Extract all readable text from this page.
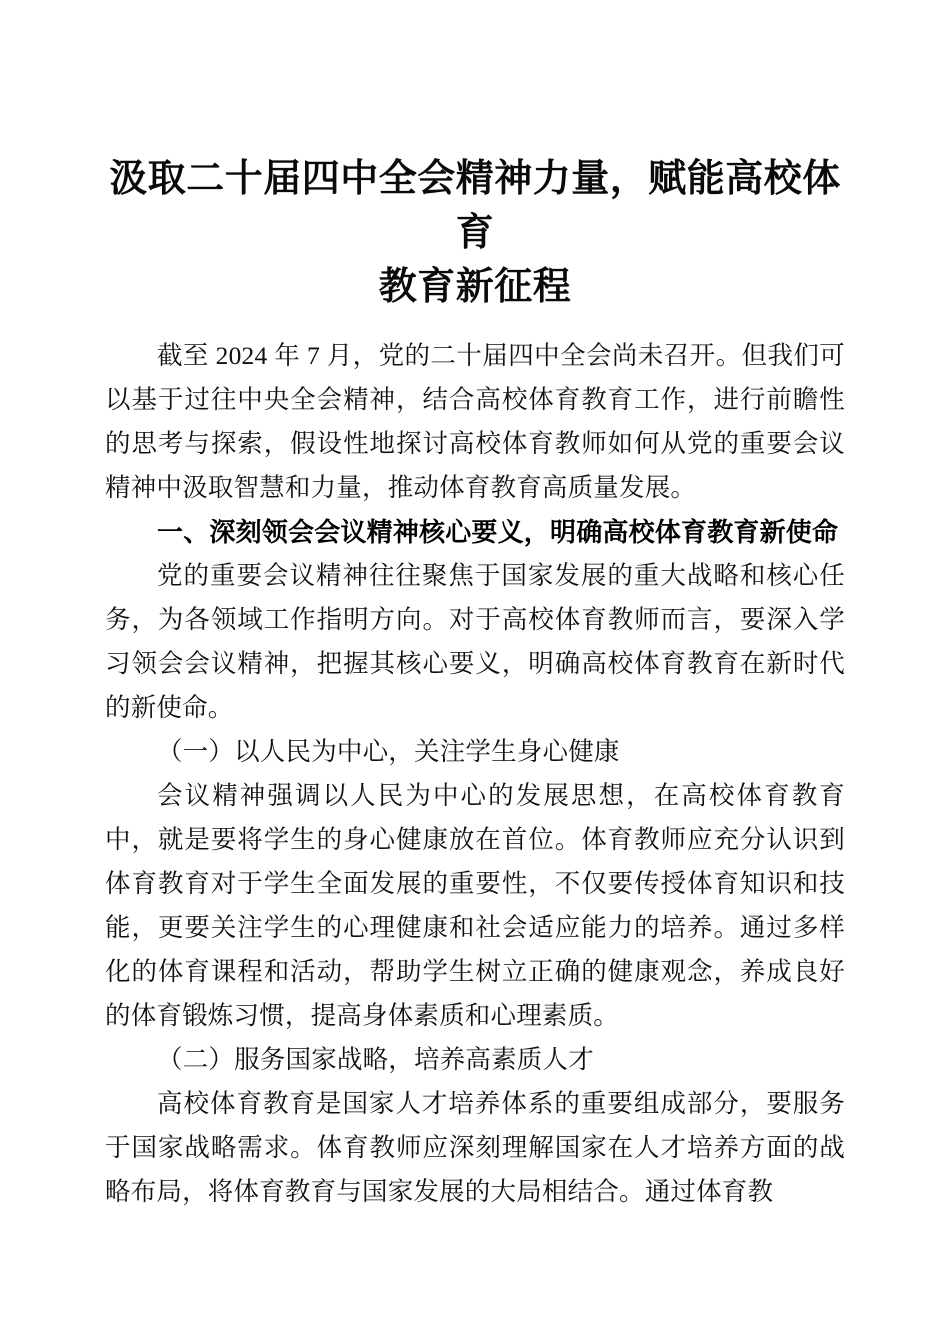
汲取二十届四中全会精神力量，赋能高校体育
教育新征程

截至 2024 年 7 月，党的二十届四中全会尚未召开。但我们可以基于过往中央全会精神，结合高校体育教育工作，进行前瞻性的思考与探索，假设性地探讨高校体育教师如何从党的重要会议精神中汲取智慧和力量，推动体育教育高质量发展。

一、深刻领会会议精神核心要义，明确高校体育教育新使命

党的重要会议精神往往聚焦于国家发展的重大战略和核心任务，为各领域工作指明方向。对于高校体育教师而言，要深入学习领会会议精神，把握其核心要义，明确高校体育教育在新时代的新使命。

（一）以人民为中心，关注学生身心健康

会议精神强调以人民为中心的发展思想，在高校体育教育中，就是要将学生的身心健康放在首位。体育教师应充分认识到体育教育对于学生全面发展的重要性，不仅要传授体育知识和技能，更要关注学生的心理健康和社会适应能力的培养。通过多样化的体育课程和活动，帮助学生树立正确的健康观念，养成良好的体育锻炼习惯，提高身体素质和心理素质。

（二）服务国家战略，培养高素质人才

高校体育教育是国家人才培养体系的重要组成部分，要服务于国家战略需求。体育教师应深刻理解国家在人才培养方面的战略布局，将体育教育与国家发展的大局相结合。通过体育教
